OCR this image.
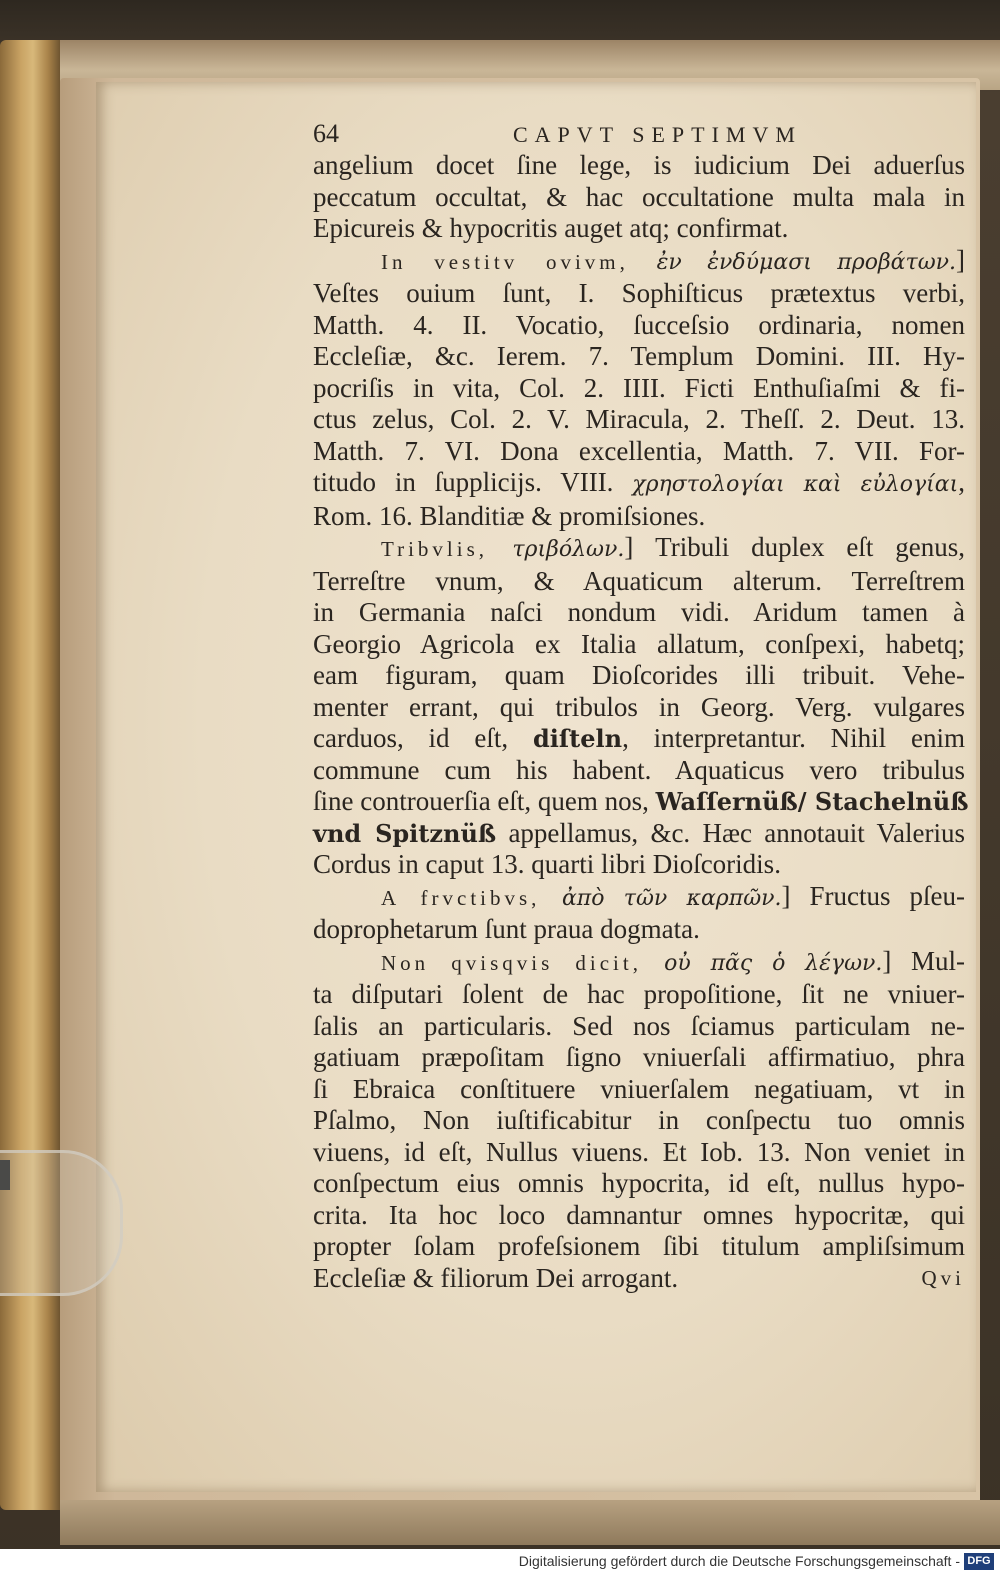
64	CAPVT SEPTIMVM
angelium docet ſine lege, is iudicium Dei aduerſus
peccatum occultat, & hac occultatione multa mala in
Epicureis & hypocritis auget atq; confirmat.
In vestitv ovivm, ἐν ἐνδύμασι προβάτων.]
Veſtes ouium ſunt, I. Sophiſticus prætextus verbi,
Matth. 4. II. Vocatio, ſucceſsio ordinaria, nomen
Eccleſiæ, &c. Ierem. 7. Templum Domini. III. Hy-
pocriſis in vita, Col. 2. IIII. Ficti Enthuſiaſmi & fi-
ctus zelus, Col. 2. V. Miracula, 2. Theſſ. 2. Deut. 13.
Matth. 7. VI. Dona excellentia, Matth. 7. VII. For-
titudo in ſupplicijs. VIII. χρηστολογίαι καὶ εὐλογίαι,
Rom. 16. Blanditiæ & promiſsiones.
Tribvlis, τριβόλων.] Tribuli duplex eſt genus,
Terreſtre vnum, & Aquaticum alterum. Terreſtrem
in Germania naſci nondum vidi. Aridum tamen à
Georgio Agricola ex Italia allatum, conſpexi, habetq;
eam figuram, quam Dioſcorides illi tribuit. Vehe-
menter errant, qui tribulos in Georg. Verg. vulgares
carduos, id eſt, diſteln, interpretantur. Nihil enim
commune cum his habent. Aquaticus vero tribulus
ſine controuerſia eſt, quem nos, Waſſernüß/ Stachelnüß
vnd Spitznüß appellamus, &c. Hæc annotauit Valerius
Cordus in caput 13. quarti libri Dioſcoridis.
A frvctibvs, ἀπὸ τῶν καρπῶν.] Fructus pſeu-
doprophetarum ſunt praua dogmata.
Non qvisqvis dicit, οὐ πᾶς ὁ λέγων.] Mul-
ta diſputari ſolent de hac propoſitione, ſit ne vniuer-
ſalis an particularis. Sed nos ſciamus particulam ne-
gatiuam præpoſitam ſigno vniuerſali affirmatiuo, phra
ſi Ebraica conſtituere vniuerſalem negatiuam, vt in
Pſalmo, Non iuſtificabitur in conſpectu tuo omnis
viuens, id eſt, Nullus viuens. Et Iob. 13. Non veniet in
conſpectum eius omnis hypocrita, id eſt, nullus hypo-
crita. Ita hoc loco damnantur omnes hypocritæ, qui
propter ſolam profeſsionem ſibi titulum ampliſsimum
Eccleſiæ & filiorum Dei arrogant.	Qvi
Digitalisierung gefördert durch die Deutsche Forschungsgemeinschaft - DFG
